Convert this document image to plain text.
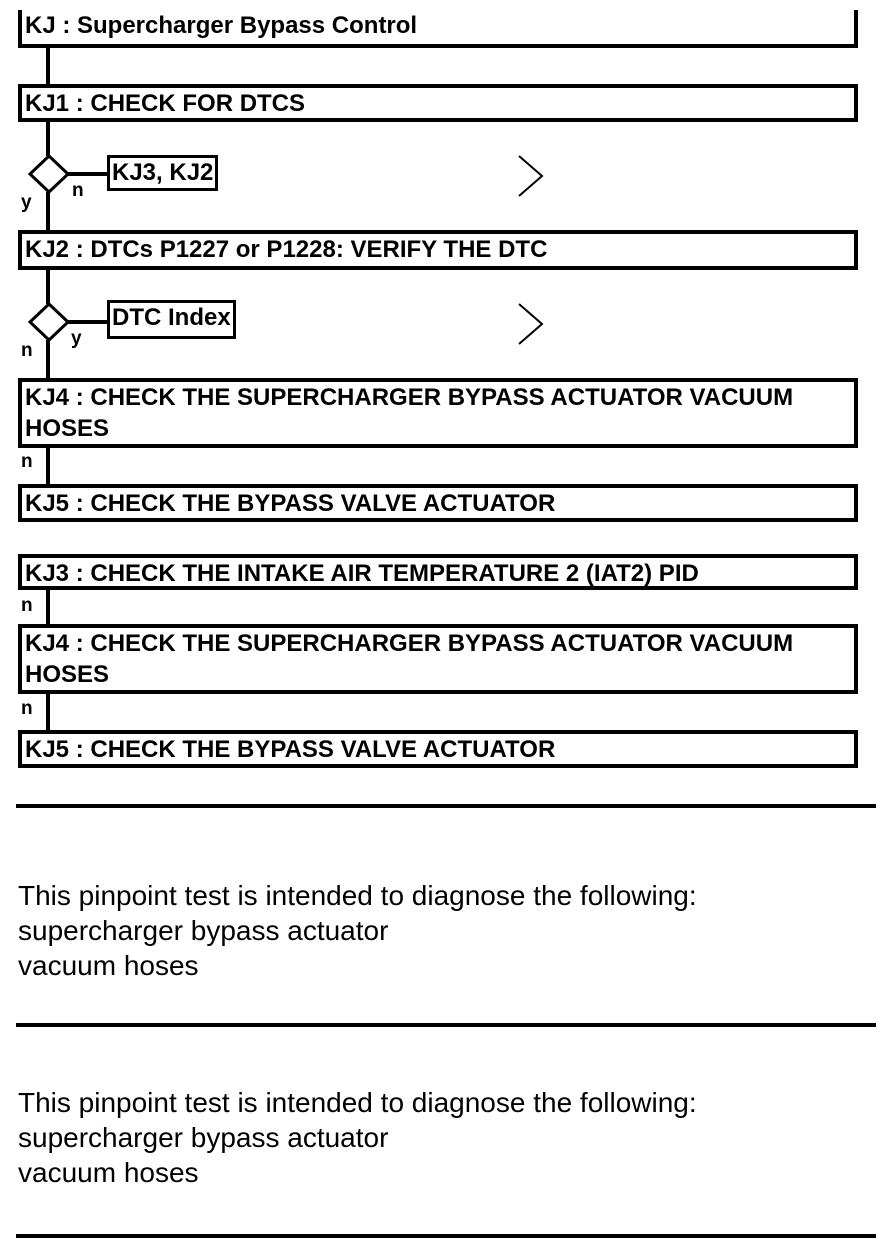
KJ : Supercharger Bypass Control
KJ1 : CHECK FOR DTCS
KJ3, KJ2
n
y
KJ2 : DTCs P1227 or P1228: VERIFY THE DTC
DTC Index
y
n
KJ4 : CHECK THE SUPERCHARGER BYPASS ACTUATOR VACUUM HOSES
n
KJ5 : CHECK THE BYPASS VALVE ACTUATOR
KJ3 : CHECK THE INTAKE AIR TEMPERATURE 2 (IAT2) PID
n
KJ4 : CHECK THE SUPERCHARGER BYPASS ACTUATOR VACUUM HOSES
n
KJ5 : CHECK THE BYPASS VALVE ACTUATOR
This pinpoint test is intended to diagnose the following:
supercharger bypass actuator
vacuum hoses
This pinpoint test is intended to diagnose the following:
supercharger bypass actuator
vacuum hoses
